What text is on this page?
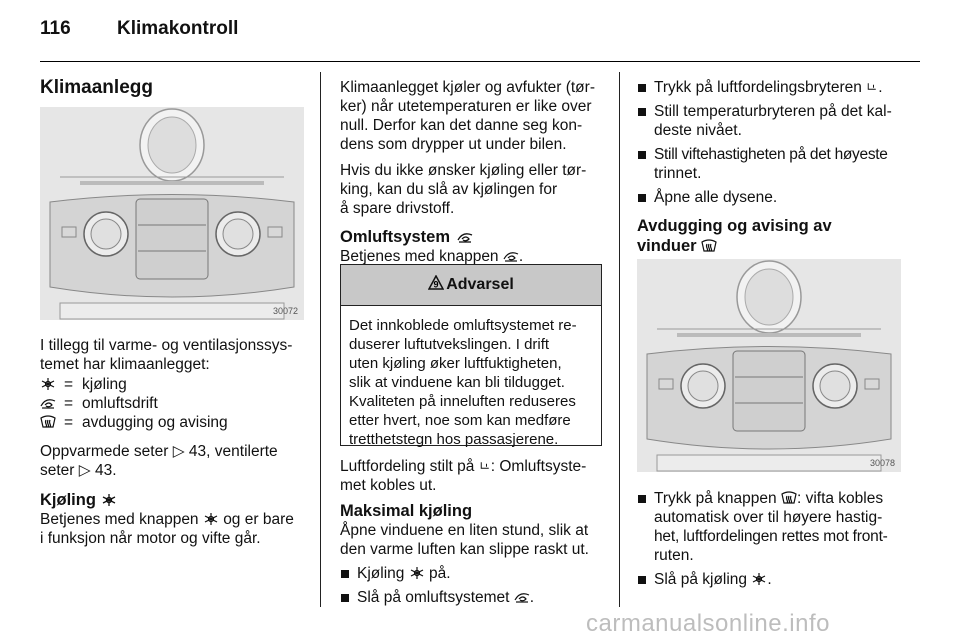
116 Klimakontroll
Klimaanlegg
30072

I tillegg til varme- og ventilasjonssys-

temet har klimaanlegget:

= kjøling
= omluftsdrift
= avdugging og avising

Oppvarmede seter ▷ 43, ventilerte

seter ▷ 43.

Kjøling

Betjenes med knappen og er bare

i funksjon når motor og vifte går.

Klimaanlegget kjøler og avfukter (tør-

ker) når utetemperaturen er like over

null. Derfor kan det danne seg kon-

dens som drypper ut under bilen.

Hvis du ikke ønsker kjøling eller tør-

king, kan du slå av kjølingen for

å spare drivstoff.

Omluftsystem

Betjenes med knappen .

9 Advarsel

Det innkoblede omluftsystemet re-

duserer luftutvekslingen. I drift

uten kjøling øker luftfuktigheten,

slik at vinduene kan bli tildugget.

Kvaliteten på inneluften reduseres

etter hvert, noe som kan medføre

tretthetstegn hos passasjerene.

Luftfordeling stilt på : Omluftsyste-

met kobles ut.

Maksimal kjøling

Åpne vinduene en liten stund, slik at

den varme luften kan slippe raskt ut.

Kjøling på.
Slå på omluftsystemet .
Trykk på luftfordelingsbryteren .
Still temperaturbryteren på det kal-
deste nivået.
Still viftehastigheten på det høyeste
trinnet.
Åpne alle dysene.
Avdugging og avising av
vinduer
30078
Trykk på knappen : vifta kobles
automatisk over til høyere hastig-
het, luftfordelingen rettes mot front-
ruten.
Slå på kjøling .
carmanualsonline.info
